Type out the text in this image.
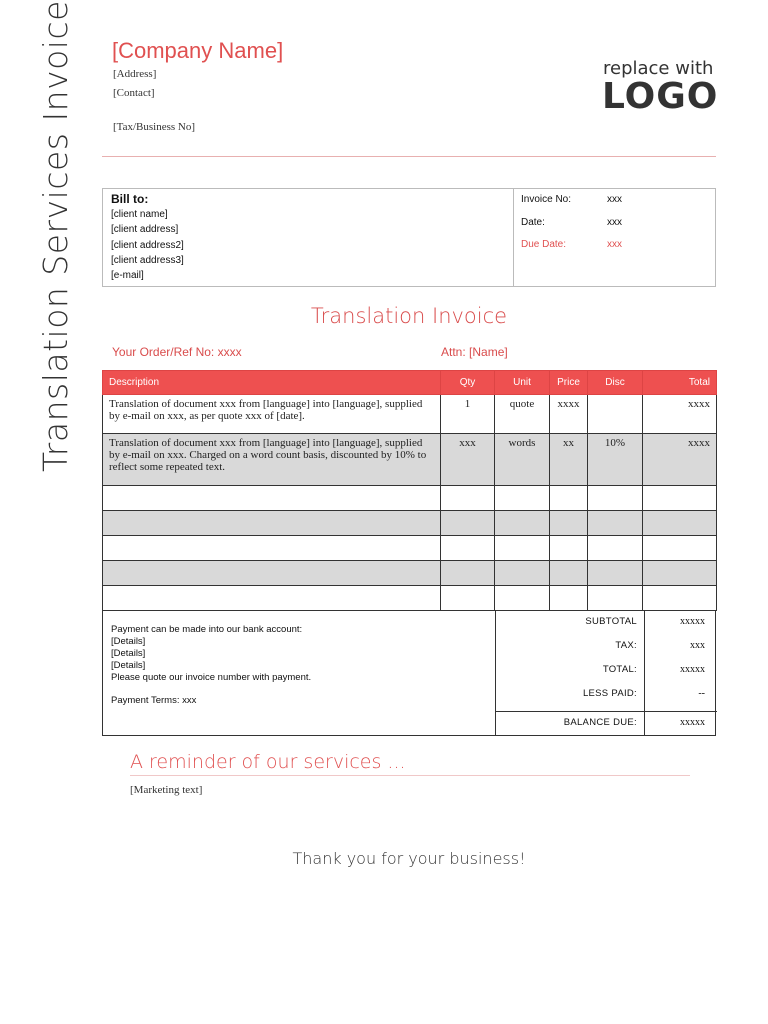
Translation Services Invoice [Company Name]
[Address]
[Contact]
[Tax/Business No]
replace with
LOGO
Bill to:
[client name]
[client address]
[client address2]
[client address3]
[e-mail]
Invoice No:	xxx
Date:	xxx
Due Date:	xxx
Translation Invoice
Your Order/Ref No: xxxx	Attn: [Name]
Description	Qty	Unit	Price	Disc	Total
Translation of document xxx from [language] into [language], supplied by e-mail on xxx, as per quote xxx of [date].	1	quote	xxxx		xxxx
Translation of document xxx from [language] into [language], supplied by e-mail on xxx. Charged on a word count basis, discounted by 10% to reflect some repeated text.	xxx	words	xx	10%	xxxx

Payment can be made into our bank account:
[Details]
[Details]
[Details]
Please quote our invoice number with payment.
Payment Terms: xxx
SUBTOTAL	xxxxx
TAX:	xxx
TOTAL:	xxxxx
LESS PAID:	--
BALANCE DUE:	xxxxx
A reminder of our services ...
[Marketing text]
Thank you for your business!
